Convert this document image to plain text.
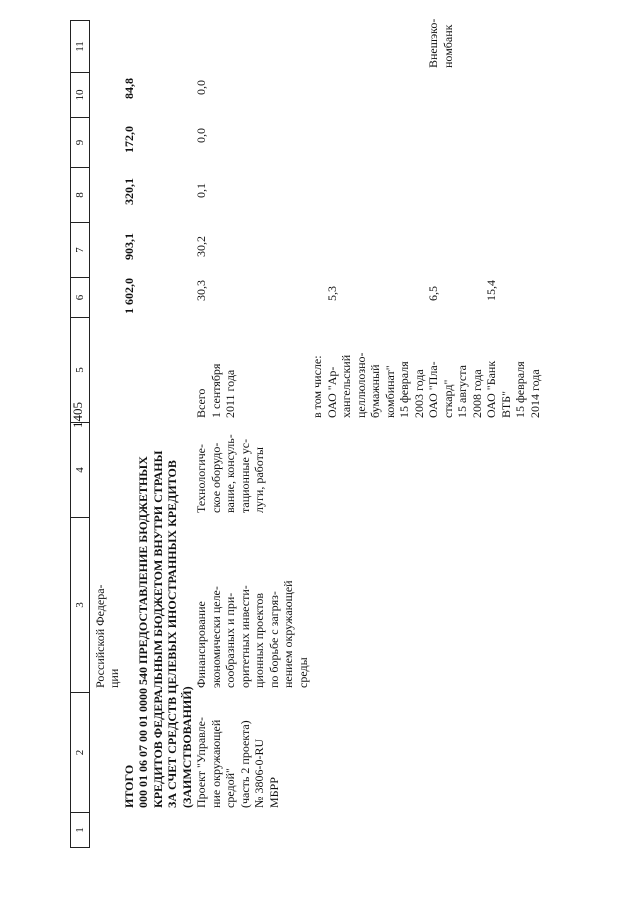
1405
1
2
3
4
5
6
7
8
9
10
11
Российской Федера- ции
ИТОГО
1 602,0
903,1
320,1
172,0
84,8
000 01 06 07 00 01 0000 540 ПРЕДОСТАВЛЕНИЕ БЮДЖЕТНЫХ КРЕДИТОВ ФЕДЕРАЛЬНЫМ БЮДЖЕТОМ ВНУТРИ СТРАНЫ ЗА СЧЕТ СРЕДСТВ ЦЕЛЕВЫХ ИНОСТРАННЫХ КРЕДИТОВ (ЗАИМСТВОВАНИЙ) Проект "Управле- ние окружающей средой" (часть 2 проекта) № 3806-0-RU МБРР
Финансирование экономически целе- сообразных и при- оритетных инвести- ционных проектов по борьбе с загряз- нением окружающей среды
Технологиче- ское оборудо- вание, консуль- тационные ус- луги, работы
Всего 1 сентября 2011 года
30,3
30,2
0,1
0,0
0,0
в том числе: ОАО "Ар- хангельский целлюлозно- бумажный комбинат" 15 февраля 2003 года
5,3
ОАО "Пла- сткард" 15 августа 2008 года
6,5
Внешэко- номбанк
ОАО "Банк ВТБ" 15 февраля 2014 года
15,4
